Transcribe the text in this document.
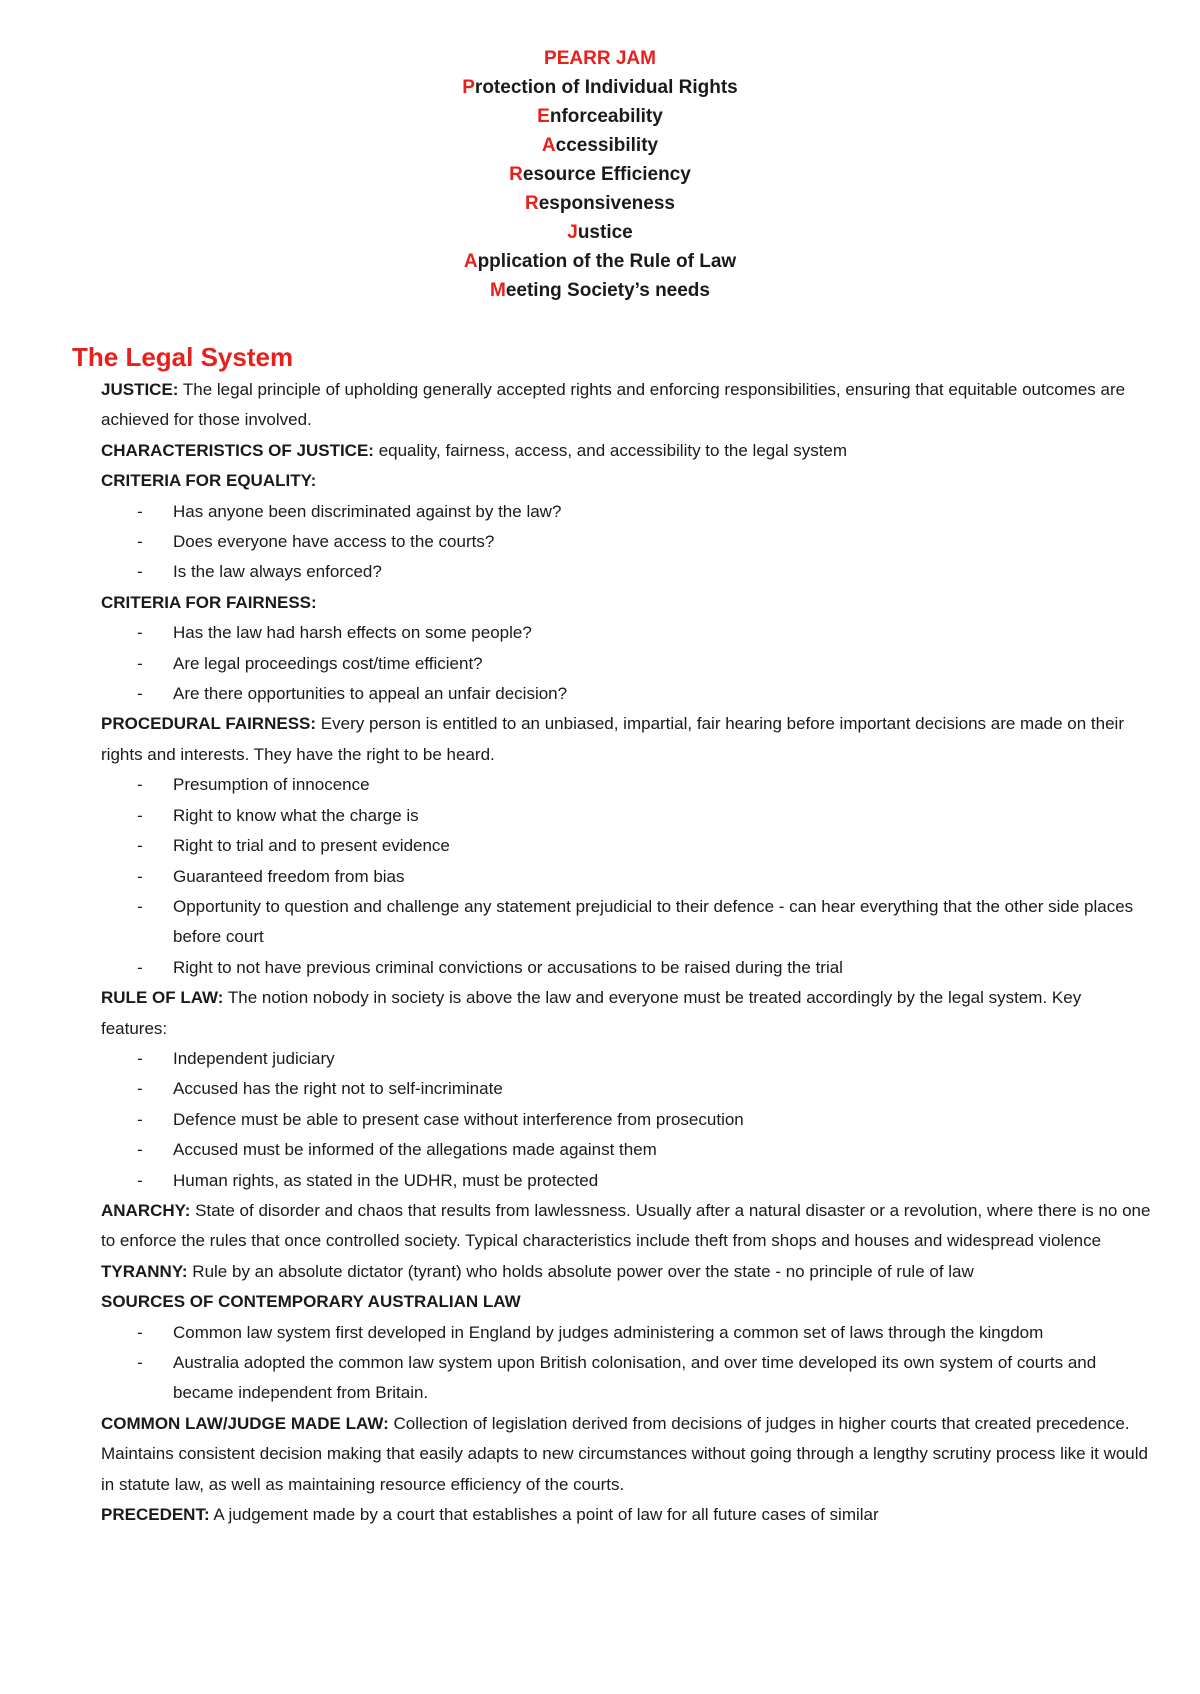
PEARR JAM
Protection of Individual Rights
Enforceability
Accessibility
Resource Efficiency
Responsiveness
Justice
Application of the Rule of Law
Meeting Society’s needs
The Legal System

JUSTICE: The legal principle of upholding generally accepted rights and enforcing responsibilities, ensuring that equitable outcomes are achieved for those involved.

CHARACTERISTICS OF JUSTICE: equality, fairness, access, and accessibility to the legal system

CRITERIA FOR EQUALITY:

- Has anyone been discriminated against by the law?
- Does everyone have access to the courts?
- Is the law always enforced?

CRITERIA FOR FAIRNESS:

- Has the law had harsh effects on some people?
- Are legal proceedings cost/time efficient?
- Are there opportunities to appeal an unfair decision?

PROCEDURAL FAIRNESS: Every person is entitled to an unbiased, impartial, fair hearing before important decisions are made on their rights and interests. They have the right to be heard.

- Presumption of innocence
- Right to know what the charge is
- Right to trial and to present evidence
- Guaranteed freedom from bias
- Opportunity to question and challenge any statement prejudicial to their defence - can hear everything that the other side places before court
- Right to not have previous criminal convictions or accusations to be raised during the trial

RULE OF LAW: The notion nobody in society is above the law and everyone must be treated accordingly by the legal system. Key features:

- Independent judiciary
- Accused has the right not to self-incriminate
- Defence must be able to present case without interference from prosecution
- Accused must be informed of the allegations made against them
- Human rights, as stated in the UDHR, must be protected

ANARCHY: State of disorder and chaos that results from lawlessness. Usually after a natural disaster or a revolution, where there is no one to enforce the rules that once controlled society. Typical characteristics include theft from shops and houses and widespread violence

TYRANNY: Rule by an absolute dictator (tyrant) who holds absolute power over the state - no principle of rule of law

SOURCES OF CONTEMPORARY AUSTRALIAN LAW

- Common law system first developed in England by judges administering a common set of laws through the kingdom
- Australia adopted the common law system upon British colonisation, and over time developed its own system of courts and became independent from Britain.

COMMON LAW/JUDGE MADE LAW: Collection of legislation derived from decisions of judges in higher courts that created precedence. Maintains consistent decision making that easily adapts to new circumstances without going through a lengthy scrutiny process like it would in statute law, as well as maintaining resource efficiency of the courts.

PRECEDENT: A judgement made by a court that establishes a point of law for all future cases of similar
